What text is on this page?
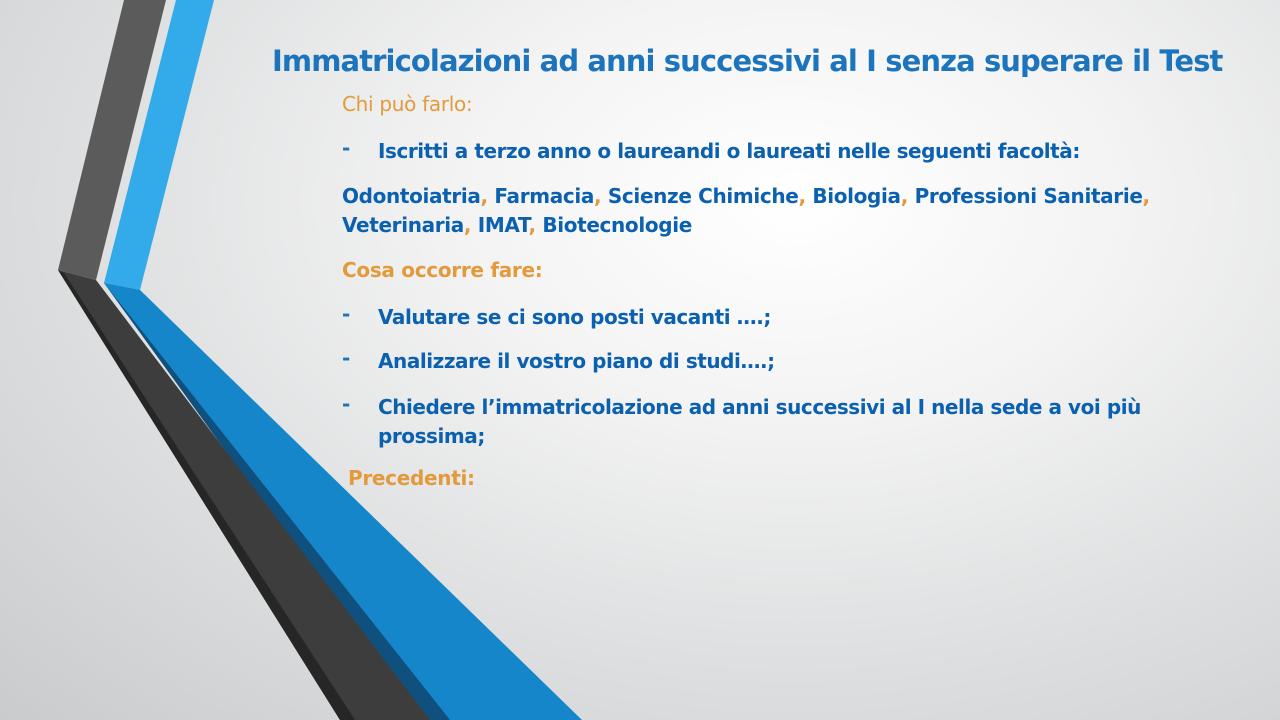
Immatricolazioni ad anni successivi al I senza superare il Test
Chi può farlo:
- Iscritti a terzo anno o laureandi o laureati nelle seguenti facoltà:
Odontoiatria, Farmacia, Scienze Chimiche, Biologia, Professioni Sanitarie, Veterinaria, IMAT, Biotecnologie
Cosa occorre fare:
- Valutare se ci sono posti vacanti ….;
- Analizzare il vostro piano di studi….;
- Chiedere l’immatricolazione ad anni successivi al I nella sede a voi più prossima;
Precedenti:
